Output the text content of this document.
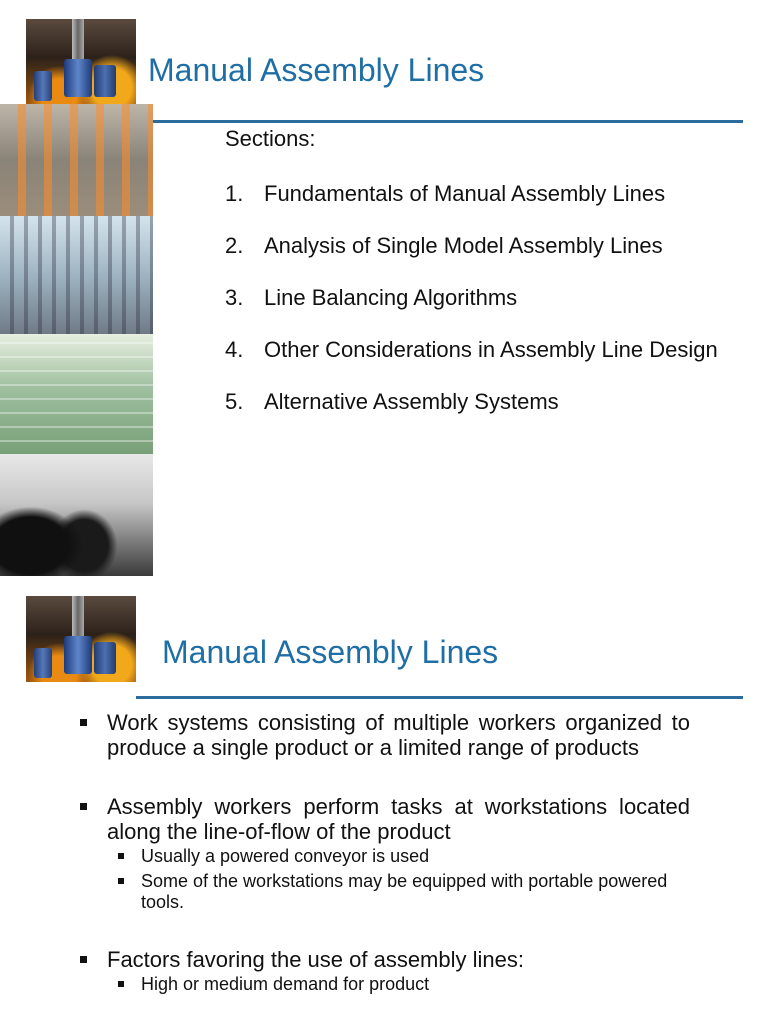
Manual Assembly Lines

Sections:

1. Fundamentals of Manual Assembly Lines
2. Analysis of Single Model Assembly Lines
3. Line Balancing Algorithms
4. Other Considerations in Assembly Line Design
5. Alternative Assembly Systems
Manual Assembly Lines
Work systems consisting of multiple workers organized to produce a single product or a limited range of products
Assembly workers perform tasks at workstations located along the line-of-flow of the product
Usually a powered conveyor is used
Some of the workstations may be equipped with portable powered tools.
Factors favoring the use of assembly lines:
High or medium demand for product
